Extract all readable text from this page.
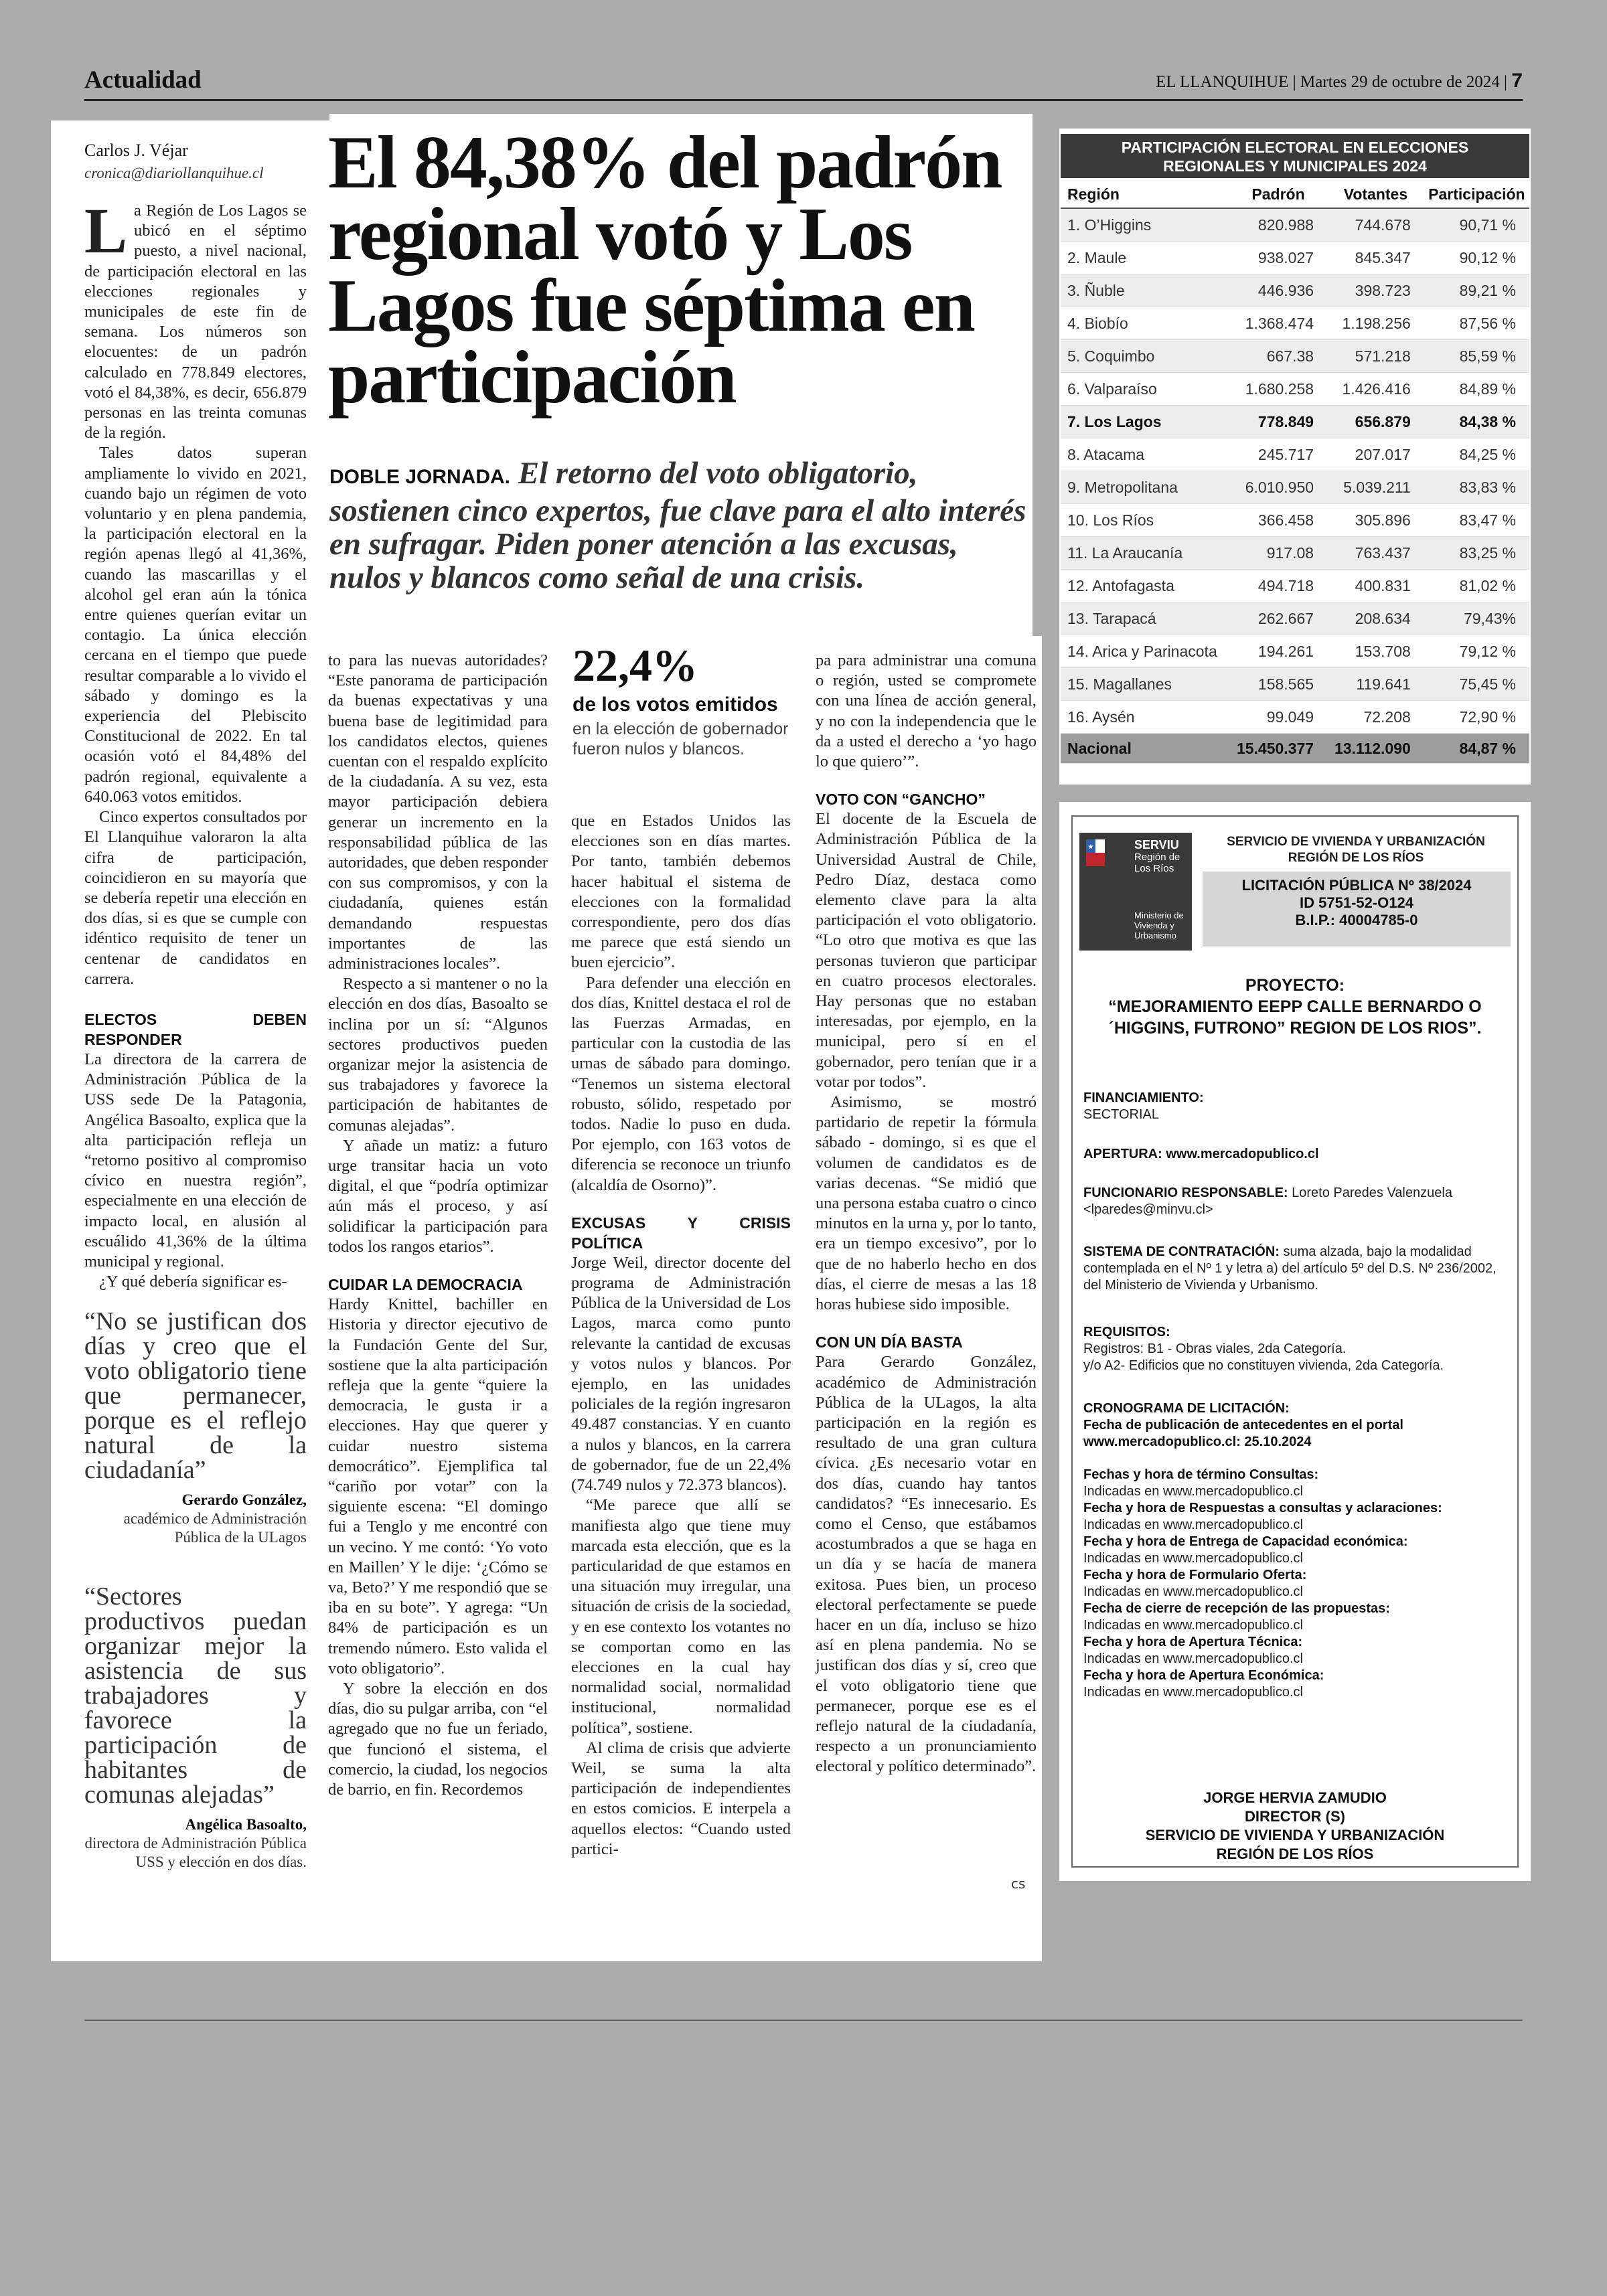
Actualidad	EL LLANQUIHUE | Martes 29 de octubre de 2024 | 7
El 84,38% del padrón regional votó y Los Lagos fue séptima en participación
DOBLE JORNADA. El retorno del voto obligatorio, sostienen cinco expertos, fue clave para el alto interés en sufragar. Piden poner atención a las excusas, nulos y blancos como señal de una crisis.
Carlos J. Véjar
cronica@diariollanquihue.cl

La Región de Los Lagos se ubicó en el séptimo puesto, a nivel nacional, de participación electoral en las elecciones regionales y municipales de este fin de semana. Los números son elocuentes: de un padrón calculado en 778.849 electores, votó el 84,38%, es decir, 656.879 personas en las treinta comunas de la región.

Tales datos superan ampliamente lo vivido en 2021, cuando bajo un régimen de voto voluntario y en plena pandemia, la participación electoral en la región apenas llegó al 41,36%, cuando las mascarillas y el alcohol gel eran aún la tónica entre quienes querían evitar un contagio. La única elección cercana en el tiempo que puede resultar comparable a lo vivido el sábado y domingo es la experiencia del Plebiscito Constitucional de 2022. En tal ocasión votó el 84,48% del padrón regional, equivalente a 640.063 votos emitidos.

Cinco expertos consultados por El Llanquihue valoraron la alta cifra de participación, coincidieron en su mayoría que se debería repetir una elección en dos días, si es que se cumple con idéntico requisito de tener un centenar de candidatos en carrera.

ELECTOS DEBEN RESPONDER

La directora de la carrera de Administración Pública de la USS sede De la Patagonia, Angélica Basoalto, explica que la alta participación refleja un “retorno positivo al compromiso cívico en nuestra región”, especialmente en una elección de impacto local, en alusión al escuálido 41,36% de la última municipal y regional.

¿Y qué debería significar es-

“No se justifican dos días y creo que el voto obligatorio tiene que permanecer, porque es el reflejo natural de la ciudadanía”
Gerardo González,
académico de Administración Pública de la ULagos
“Sectores productivos puedan organizar mejor la asistencia de sus trabajadores y favorece la participación de habitantes de comunas alejadas”
Angélica Basoalto,
directora de Administración Pública USS y elección en dos días.

to para las nuevas autoridades? “Este panorama de participación da buenas expectativas y una buena base de legitimidad para los candidatos electos, quienes cuentan con el respaldo explícito de la ciudadanía. A su vez, esta mayor participación debiera generar un incremento en la responsabilidad pública de las autoridades, que deben responder con sus compromisos, y con la ciudadanía, quienes están demandando respuestas importantes de las administraciones locales”.

Respecto a si mantener o no la elección en dos días, Basoalto se inclina por un sí: “Algunos sectores productivos pueden organizar mejor la asistencia de sus trabajadores y favorece la participación de habitantes de comunas alejadas”.

Y añade un matiz: a futuro urge transitar hacia un voto digital, el que “podría optimizar aún más el proceso, y así solidificar la participación para todos los rangos etarios”.

CUIDAR LA DEMOCRACIA

Hardy Knittel, bachiller en Historia y director ejecutivo de la Fundación Gente del Sur, sostiene que la alta participación refleja que la gente “quiere la democracia, le gusta ir a elecciones. Hay que querer y cuidar nuestro sistema democrático”. Ejemplifica tal “cariño por votar” con la siguiente escena: “El domingo fui a Tenglo y me encontré con un vecino. Y me contó: ‘Yo voto en Maillen’ Y le dije: ‘¿Cómo se va, Beto?’ Y me respondió que se iba en su bote”. Y agrega: “Un 84% de participación es un tremendo número. Esto valida el voto obligatorio”.

Y sobre la elección en dos días, dio su pulgar arriba, con “el agregado que no fue un feriado, que funcionó el sistema, el comercio, la ciudad, los negocios de barrio, en fin. Recordemos

22,4%
de los votos emitidos
en la elección de gobernador fueron nulos y blancos.

que en Estados Unidos las elecciones son en días martes. Por tanto, también debemos hacer habitual el sistema de elecciones con la formalidad correspondiente, pero dos días me parece que está siendo un buen ejercicio”.

Para defender una elección en dos días, Knittel destaca el rol de las Fuerzas Armadas, en particular con la custodia de las urnas de sábado para domingo. “Tenemos un sistema electoral robusto, sólido, respetado por todos. Nadie lo puso en duda. Por ejemplo, con 163 votos de diferencia se reconoce un triunfo (alcaldía de Osorno)”.

EXCUSAS Y CRISIS POLÍTICA

Jorge Weil, director docente del programa de Administración Pública de la Universidad de Los Lagos, marca como punto relevante la cantidad de excusas y votos nulos y blancos. Por ejemplo, en las unidades policiales de la región ingresaron 49.487 constancias. Y en cuanto a nulos y blancos, en la carrera de gobernador, fue de un 22,4% (74.749 nulos y 72.373 blancos).

“Me parece que allí se manifiesta algo que tiene muy marcada esta elección, que es la particularidad de que estamos en una situación muy irregular, una situación de crisis de la sociedad, y en ese contexto los votantes no se comportan como en las elecciones en la cual hay normalidad social, normalidad institucional, normalidad política”, sostiene.

Al clima de crisis que advierte Weil, se suma la alta participación de independientes en estos comicios. E interpela a aquellos electos: “Cuando usted partici-

pa para administrar una comuna o región, usted se compromete con una línea de acción general, y no con la independencia que le da a usted el derecho a ‘yo hago lo que quiero’”.

VOTO CON “GANCHO”

El docente de la Escuela de Administración Pública de la Universidad Austral de Chile, Pedro Díaz, destaca como elemento clave para la alta participación el voto obligatorio. “Lo otro que motiva es que las personas tuvieron que participar en cuatro procesos electorales. Hay personas que no estaban interesadas, por ejemplo, en la municipal, pero sí en el gobernador, pero tenían que ir a votar por todos”.

Asimismo, se mostró partidario de repetir la fórmula sábado - domingo, si es que el volumen de candidatos es de varias decenas. “Se midió que una persona estaba cuatro o cinco minutos en la urna y, por lo tanto, era un tiempo excesivo”, por lo que de no haberlo hecho en dos días, el cierre de mesas a las 18 horas hubiese sido imposible.

CON UN DÍA BASTA

Para Gerardo González, académico de Administración Pública de la ULagos, la alta participación en la región es resultado de una gran cultura cívica. ¿Es necesario votar en dos días, cuando hay tantos candidatos? “Es innecesario. Es como el Censo, que estábamos acostumbrados a que se haga en un día y se hacía de manera exitosa. Pues bien, un proceso electoral perfectamente se puede hacer en un día, incluso se hizo así en plena pandemia. No se justifican dos días y sí, creo que el voto obligatorio tiene que permanecer, porque ese es el reflejo natural de la ciudadanía, respecto a un pronunciamiento electoral y político determinado”.

cs
PARTICIPACIÓN ELECTORAL EN ELECCIONES
REGIONALES Y MUNICIPALES 2024
Región	Padrón	Votantes	Participación
1. O’Higgins	820.988	744.678	90,71 %
2. Maule	938.027	845.347	90,12 %
3. Ñuble	446.936	398.723	89,21 %
4. Biobío	1.368.474	1.198.256	87,56 %
5. Coquimbo	667.38	571.218	85,59 %
6. Valparaíso	1.680.258	1.426.416	84,89 %
7. Los Lagos	778.849	656.879	84,38 %
8. Atacama	245.717	207.017	84,25 %
9. Metropolitana	6.010.950	5.039.211	83,83 %
10. Los Ríos	366.458	305.896	83,47 %
11. La Araucanía	917.08	763.437	83,25 %
12. Antofagasta	494.718	400.831	81,02 %
13. Tarapacá	262.667	208.634	79,43%
14. Arica y Parinacota	194.261	153.708	79,12 %
15. Magallanes	158.565	119.641	75,45 %
16. Aysén	99.049	72.208	72,90 %
Nacional	15.450.377	13.112.090	84,87 %
★	SERVIU
Región de Los Ríos
Ministerio de Vivienda y Urbanismo
SERVICIO DE VIVIENDA Y URBANIZACIÓN
REGIÓN DE LOS RÍOS
LICITACIÓN PÚBLICA Nº 38/2024
ID 5751-52-O124
B.I.P.: 40004785-0
PROYECTO:
“MEJORAMIENTO EEPP CALLE BERNARDO O´HIGGINS, FUTRONO” REGION DE LOS RIOS”.
FINANCIAMIENTO:
SECTORIAL
APERTURA: www.mercadopublico.cl
FUNCIONARIO RESPONSABLE: Loreto Paredes Valenzuela
<lparedes@minvu.cl>
SISTEMA DE CONTRATACIÓN: suma alzada, bajo la modalidad contemplada en el Nº 1 y letra a) del artículo 5º del D.S. Nº 236/2002, del Ministerio de Vivienda y Urbanismo.
REQUISITOS:
Registros: B1 - Obras viales, 2da Categoría.
y/o A2- Edificios que no constituyen vivienda, 2da Categoría.
CRONOGRAMA DE LICITACIÓN:
Fecha de publicación de antecedentes en el portal www.mercadopublico.cl: 25.10.2024
Fechas y hora de término Consultas:
Indicadas en www.mercadopublico.cl
Fecha y hora de Respuestas a consultas y aclaraciones:
Indicadas en www.mercadopublico.cl
Fecha y hora de Entrega de Capacidad económica:
Indicadas en www.mercadopublico.cl
Fecha y hora de Formulario Oferta:
Indicadas en www.mercadopublico.cl
Fecha de cierre de recepción de las propuestas:
Indicadas en www.mercadopublico.cl
Fecha y hora de Apertura Técnica:
Indicadas en www.mercadopublico.cl
Fecha y hora de Apertura Económica:
Indicadas en www.mercadopublico.cl
JORGE HERVIA ZAMUDIO
DIRECTOR (S)
SERVICIO DE VIVIENDA Y URBANIZACIÓN
REGIÓN DE LOS RÍOS
